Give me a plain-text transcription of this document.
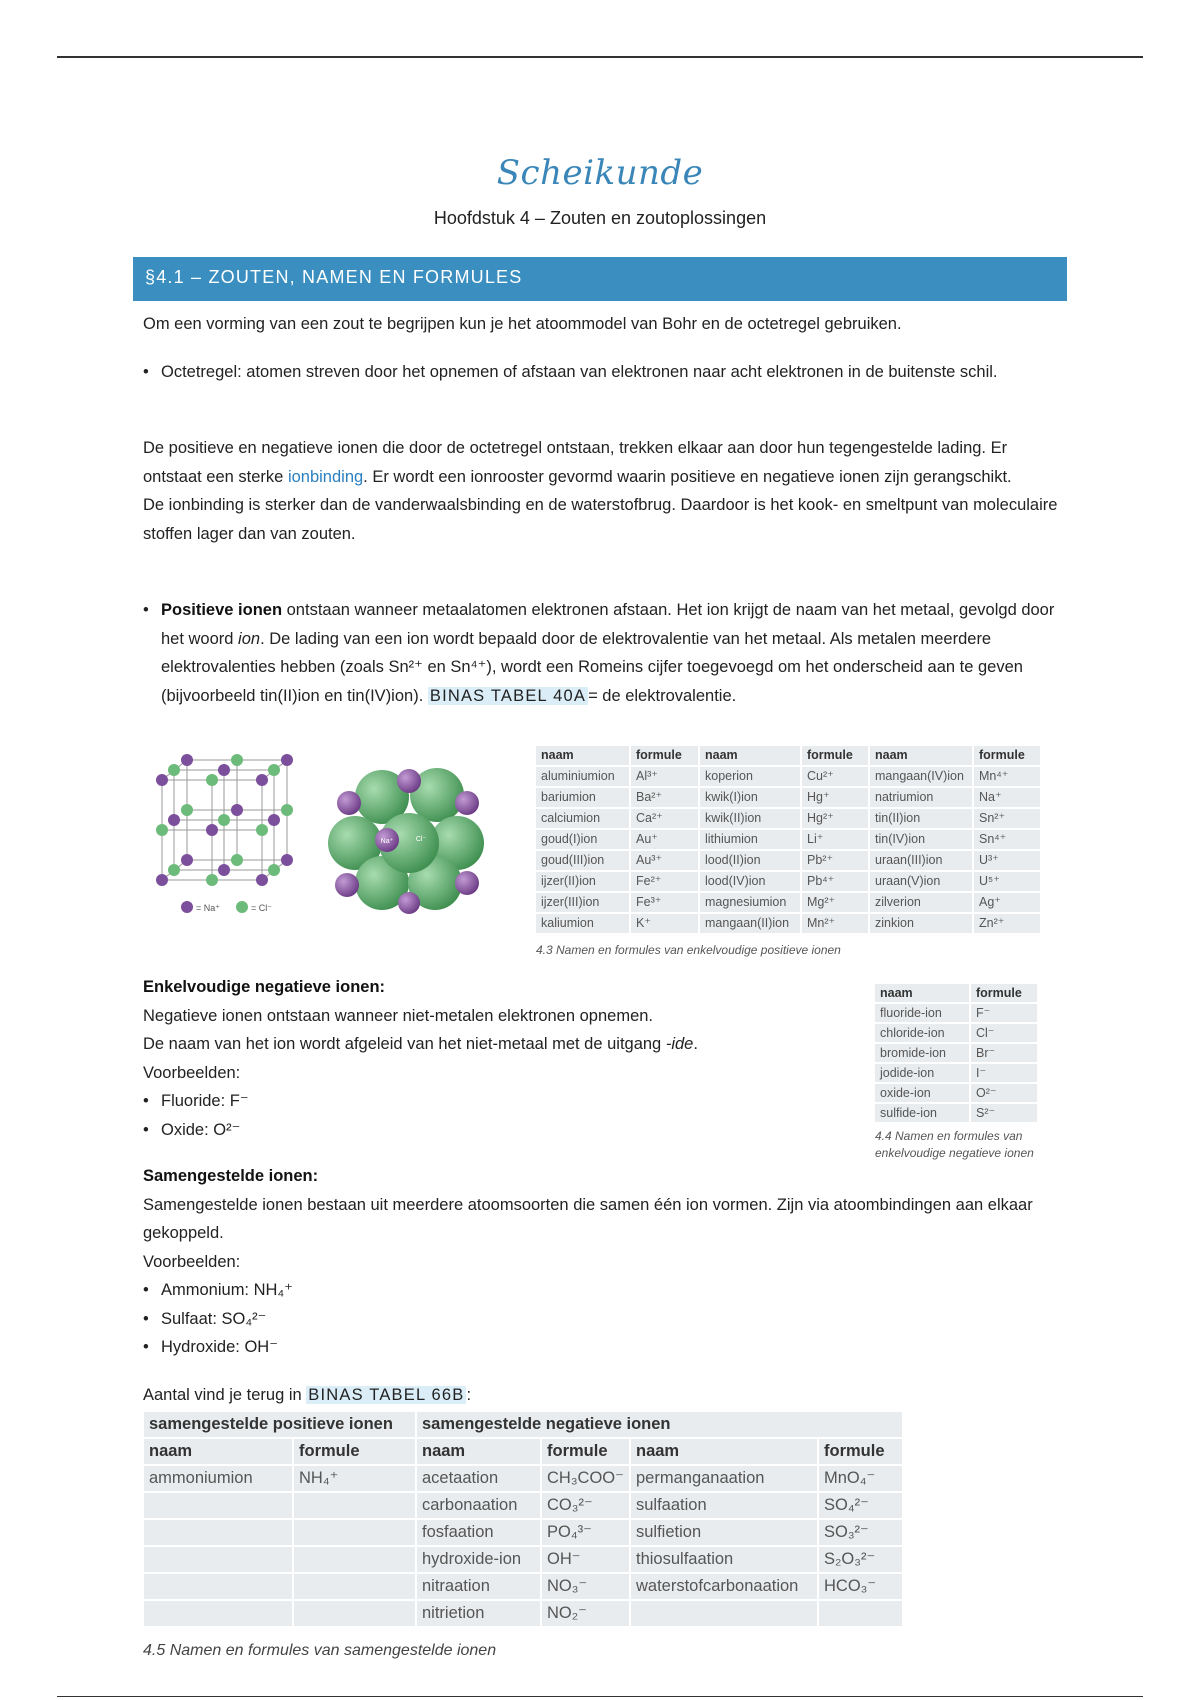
Scheikunde
Hoofdstuk 4 – Zouten en zoutoplossingen
§4.1 – ZOUTEN, NAMEN EN FORMULES

Om een vorming van een zout te begrijpen kun je het atoommodel van Bohr en de octetregel gebruiken.

• Octetregel: atomen streven door het opnemen of afstaan van elektronen naar acht elektronen in de buitenste schil.

De positieve en negatieve ionen die door de octetregel ontstaan, trekken elkaar aan door hun tegengestelde lading. Er ontstaat een sterke ionbinding. Er wordt een ionrooster gevormd waarin positieve en negatieve ionen zijn gerangschikt.

De ionbinding is sterker dan de vanderwaalsbinding en de waterstofbrug. Daardoor is het kook- en smeltpunt van moleculaire stoffen lager dan van zouten.

• Positieve ionen ontstaan wanneer metaalatomen elektronen afstaan. Het ion krijgt de naam van het metaal, gevolgd door het woord ion. De lading van een ion wordt bepaald door de elektrovalentie van het metaal. Als metalen meerdere elektrovalenties hebben (zoals Sn²⁺ en Sn⁴⁺), wordt een Romeins cijfer toegevoegd om het onderscheid aan te geven (bijvoorbeeld tin(II)ion en tin(IV)ion). BINAS TABEL 40A = de elektrovalentie.
= Na⁺	= Cl⁻
Na⁺	Cl⁻
naam	formule	naam	formule	naam	formule
aluminiumion	Al³⁺	koperion	Cu²⁺	mangaan(IV)ion	Mn⁴⁺
bariumion	Ba²⁺	kwik(I)ion	Hg⁺	natriumion	Na⁺
calciumion	Ca²⁺	kwik(II)ion	Hg²⁺	tin(II)ion	Sn²⁺
goud(I)ion	Au⁺	lithiumion	Li⁺	tin(IV)ion	Sn⁴⁺
goud(III)ion	Au³⁺	lood(II)ion	Pb²⁺	uraan(III)ion	U³⁺
ijzer(II)ion	Fe²⁺	lood(IV)ion	Pb⁴⁺	uraan(V)ion	U⁵⁺
ijzer(III)ion	Fe³⁺	magnesiumion	Mg²⁺	zilverion	Ag⁺
kaliumion	K⁺	mangaan(II)ion	Mn²⁺	zinkion	Zn²⁺
4.3 Namen en formules van enkelvoudige positieve ionen

Enkelvoudige negatieve ionen:

Negatieve ionen ontstaan wanneer niet-metalen elektronen opnemen.

De naam van het ion wordt afgeleid van het niet-metaal met de uitgang -ide.

Voorbeelden:

• Fluoride: F⁻
• Oxide: O²⁻
naam	formule
fluoride-ion	F⁻
chloride-ion	Cl⁻
bromide-ion	Br⁻
jodide-ion	I⁻
oxide-ion	O²⁻
sulfide-ion	S²⁻
4.4 Namen en formules van enkelvoudige negatieve ionen

Samengestelde ionen:

Samengestelde ionen bestaan uit meerdere atoomsoorten die samen één ion vormen. Zijn via atoombindingen aan elkaar gekoppeld.

Voorbeelden:

• Ammonium: NH₄⁺
• Sulfaat: SO₄²⁻
• Hydroxide: OH⁻

Aantal vind je terug in BINAS TABEL 66B :

samengestelde positieve ionen		samengestelde negatieve ionen			
naam	formule	naam	formule	naam	formule
ammoniumion	NH₄⁺	acetaation	CH₃COO⁻	permanganaation	MnO₄⁻
		carbonaation	CO₃²⁻	sulfaation	SO₄²⁻
		fosfaation	PO₄³⁻	sulfietion	SO₃²⁻
		hydroxide-ion	OH⁻	thiosulfaation	S₂O₃²⁻
		nitraation	NO₃⁻	waterstofcarbonaation	HCO₃⁻
		nitrietion	NO₂⁻		
4.5 Namen en formules van samengestelde ionen
